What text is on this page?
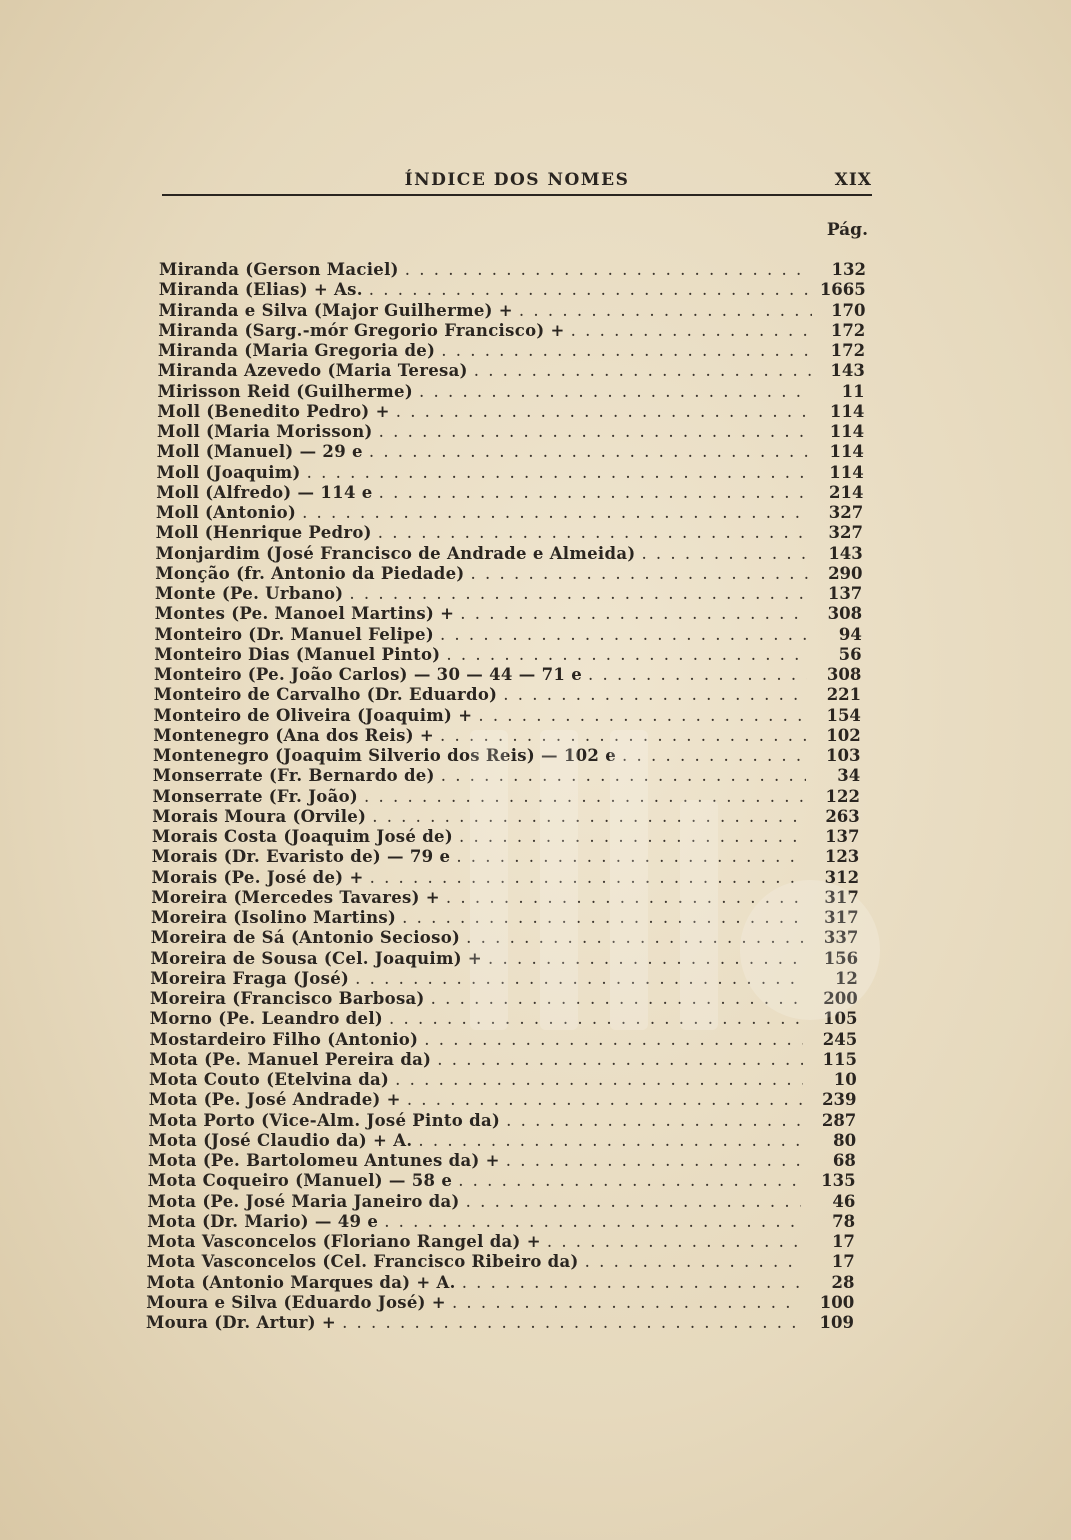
ÍNDICE DOS NOMES	XIX
Pág.
Miranda (Gerson Maciel) . . .	132
Miranda (Elias) + As. . . .	1665
Miranda e Silva (Major Guilherme) + . . .	170
Miranda (Sarg.-mór Gregorio Francisco) + . . .	172
Miranda (Maria Gregoria de) . . .	172
Miranda Azevedo (Maria Teresa) . . .	143
Mirisson Reid (Guilherme) . . .	11
Moll (Benedito Pedro) + . . .	114
Moll (Maria Morisson) . . .	114
Moll (Manuel) — 29 e . . .	114
Moll (Joaquim) . . .	114
Moll (Alfredo) — 114 e . . .	214
Moll (Antonio) . . .	327
Moll (Henrique Pedro) . . .	327
Monjardim (José Francisco de Andrade e Almeida) . . .	143
Monção (fr. Antonio da Piedade) . . .	290
Monte (Pe. Urbano) . . .	137
Montes (Pe. Manoel Martins) + . . .	308
Monteiro (Dr. Manuel Felipe) . . .	94
Monteiro Dias (Manuel Pinto) . . .	56
Monteiro (Pe. João Carlos) — 30 — 44 — 71 e . . .	308
Monteiro de Carvalho (Dr. Eduardo) . . .	221
Monteiro de Oliveira (Joaquim) + . . .	154
Montenegro (Ana dos Reis) + . . .	102
Montenegro (Joaquim Silverio dos Reis) — 102 e . . .	103
Monserrate (Fr. Bernardo de) . . .	34
Monserrate (Fr. João) . . .	122
Morais Moura (Orvile) . . .	263
Morais Costa (Joaquim José de) . . .	137
Morais (Dr. Evaristo de) — 79 e . . .	123
Morais (Pe. José de) + . . .	312
Moreira (Mercedes Tavares) + . . .	317
Moreira (Isolino Martins) . . .	317
Moreira de Sá (Antonio Secioso) . . .	337
Moreira de Sousa (Cel. Joaquim) + . . .	156
Moreira Fraga (José) . . .	12
Moreira (Francisco Barbosa) . . .	200
Morno (Pe. Leandro del) . . .	105
Mostardeiro Filho (Antonio) . . .	245
Mota (Pe. Manuel Pereira da) . . .	115
Mota Couto (Etelvina da) . . .	10
Mota (Pe. José Andrade) + . . .	239
Mota Porto (Vice-Alm. José Pinto da) . . .	287
Mota (José Claudio da) + A. . . .	80
Mota (Pe. Bartolomeu Antunes da) + . . .	68
Mota Coqueiro (Manuel) — 58 e . . .	135
Mota (Pe. José Maria Janeiro da) . . .	46
Mota (Dr. Mario) — 49 e . . .	78
Mota Vasconcelos (Floriano Rangel da) + . . .	17
Mota Vasconcelos (Cel. Francisco Ribeiro da) . . .	17
Mota (Antonio Marques da) + A. . . .	28
Moura e Silva (Eduardo José) + . . .	100
Moura (Dr. Artur) + . . .	109
